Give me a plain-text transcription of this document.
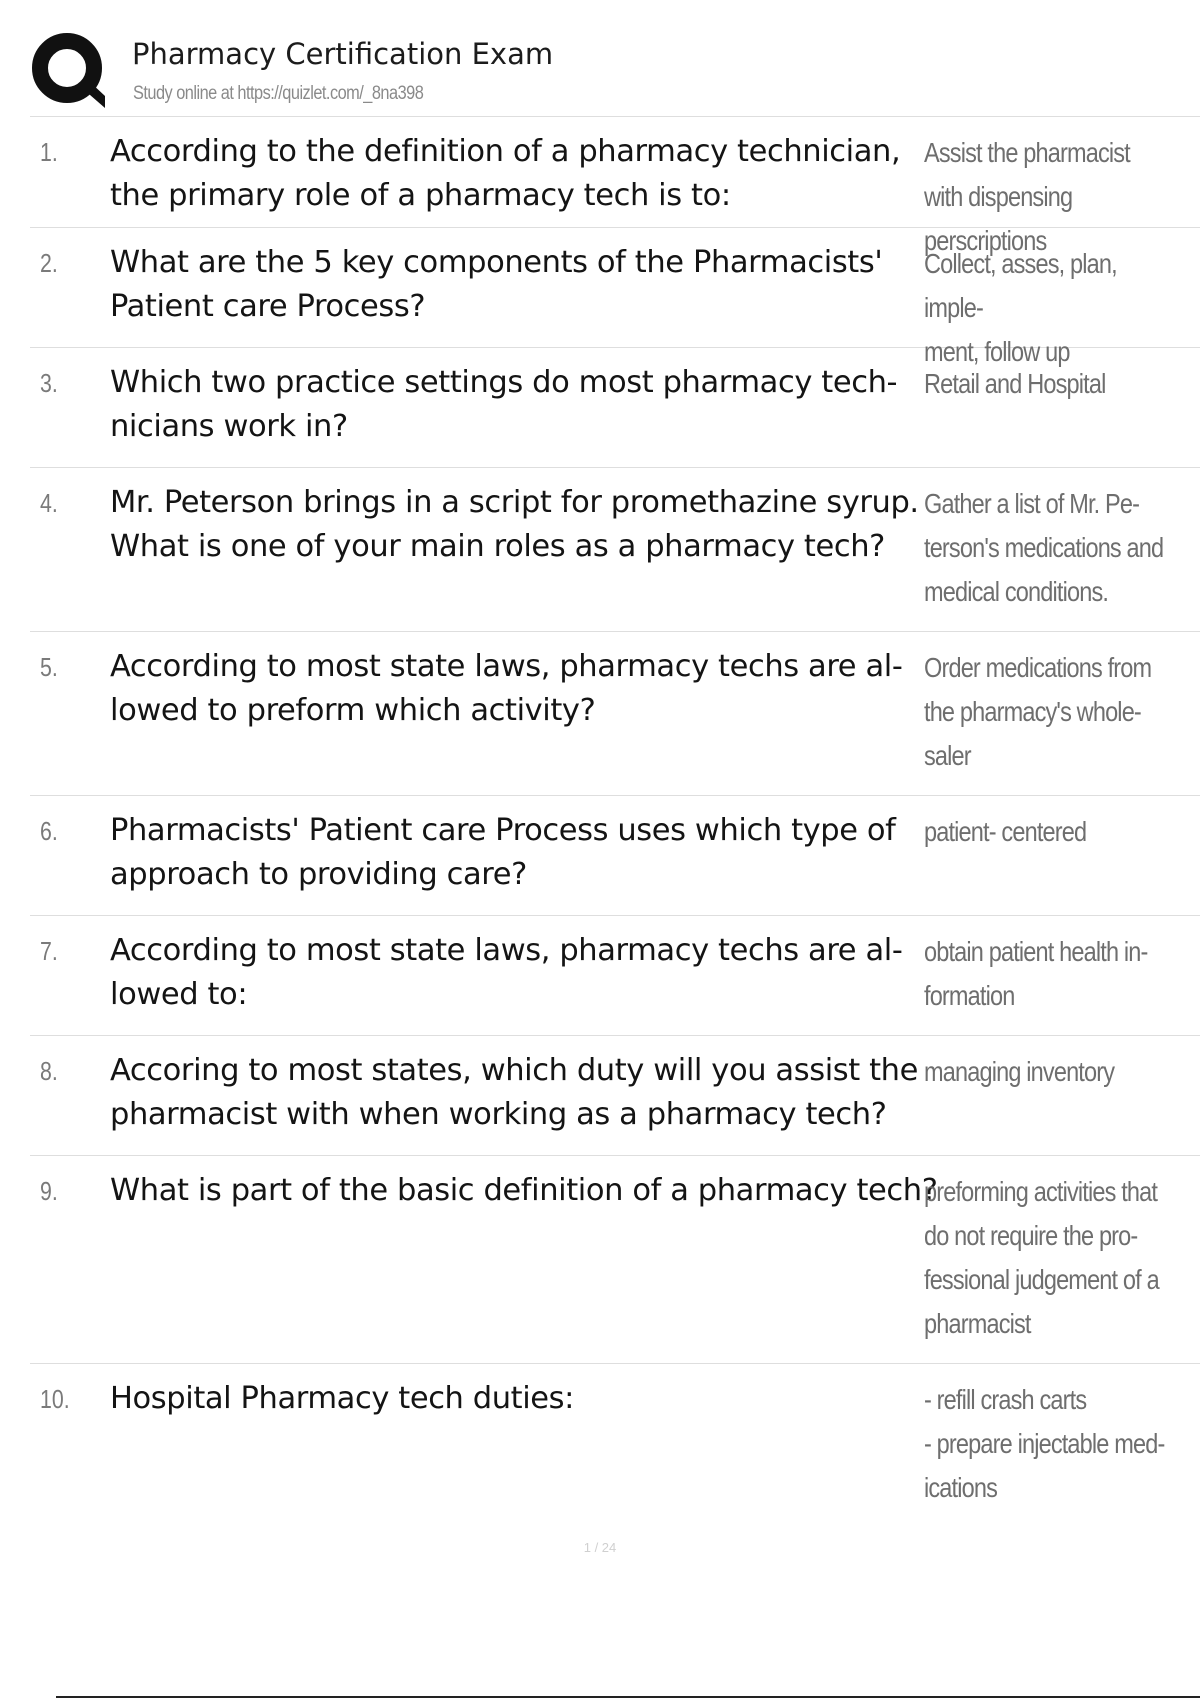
Pharmacy Certification Exam
Study online at https://quizlet.com/_8na398
1. According to the definition of a pharmacy technician, the primary role of a pharmacy tech is to:
Assist the pharmacist with dispensing perscriptions
2. What are the 5 key components of the Pharmacists' Patient care Process?
Collect, asses, plan, imple-
ment, follow up
3. Which two practice settings do most pharmacy tech-
nicians work in?
Retail and Hospital
4. Mr. Peterson brings in a script for promethazine syrup. What is one of your main roles as a pharmacy tech?
Gather a list of Mr. Pe-
terson's medications and medical conditions.
5. According to most state laws, pharmacy techs are al-
lowed to preform which activity?
Order medications from the pharmacy's whole-
saler
6. Pharmacists' Patient care Process uses which type of approach to providing care?
patient- centered
7. According to most state laws, pharmacy techs are al-
lowed to:
obtain patient health in-
formation
8. Accoring to most states, which duty will you assist the pharmacist with when working as a pharmacy tech?
managing inventory
9. What is part of the basic definition of a pharmacy tech?
preforming activities that do not require the pro-
fessional judgement of a pharmacist
10. Hospital Pharmacy tech duties:	- refill crash carts
- prepare injectable med-
ications
1 / 24
